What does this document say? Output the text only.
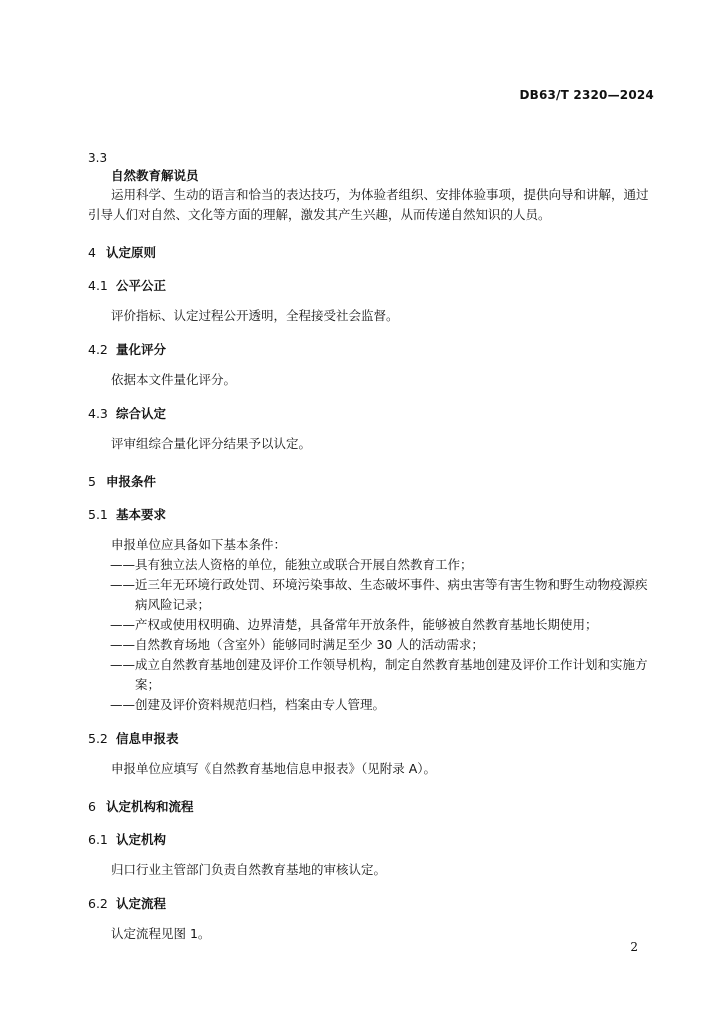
DB63/T 2320—2024
3.3
自然教育解说员
运用科学、生动的语言和恰当的表达技巧，为体验者组织、安排体验事项，提供向导和讲解，通过
引导人们对自然、文化等方面的理解，激发其产生兴趣，从而传递自然知识的人员。
4 认定原则
4.1 公平公正
评价指标、认定过程公开透明，全程接受社会监督。
4.2 量化评分
依据本文件量化评分。
4.3 综合认定
评审组综合量化评分结果予以认定。
5 申报条件
5.1 基本要求
申报单位应具备如下基本条件：
—— 具有独立法人资格的单位，能独立或联合开展自然教育工作；
—— 近三年无环境行政处罚、环境污染事故、生态破坏事件、病虫害等有害生物和野生动物疫源疾病风险记录；
—— 产权或使用权明确、边界清楚，具备常年开放条件，能够被自然教育基地长期使用；
—— 自然教育场地（含室外）能够同时满足至少 30 人的活动需求；
—— 成立自然教育基地创建及评价工作领导机构，制定自然教育基地创建及评价工作计划和实施方案；
—— 创建及评价资料规范归档，档案由专人管理。
5.2 信息申报表
申报单位应填写《自然教育基地信息申报表》（见附录 A）。
6 认定机构和流程
6.1 认定机构
归口行业主管部门负责自然教育基地的审核认定。
6.2 认定流程
认定流程见图 1。
2
